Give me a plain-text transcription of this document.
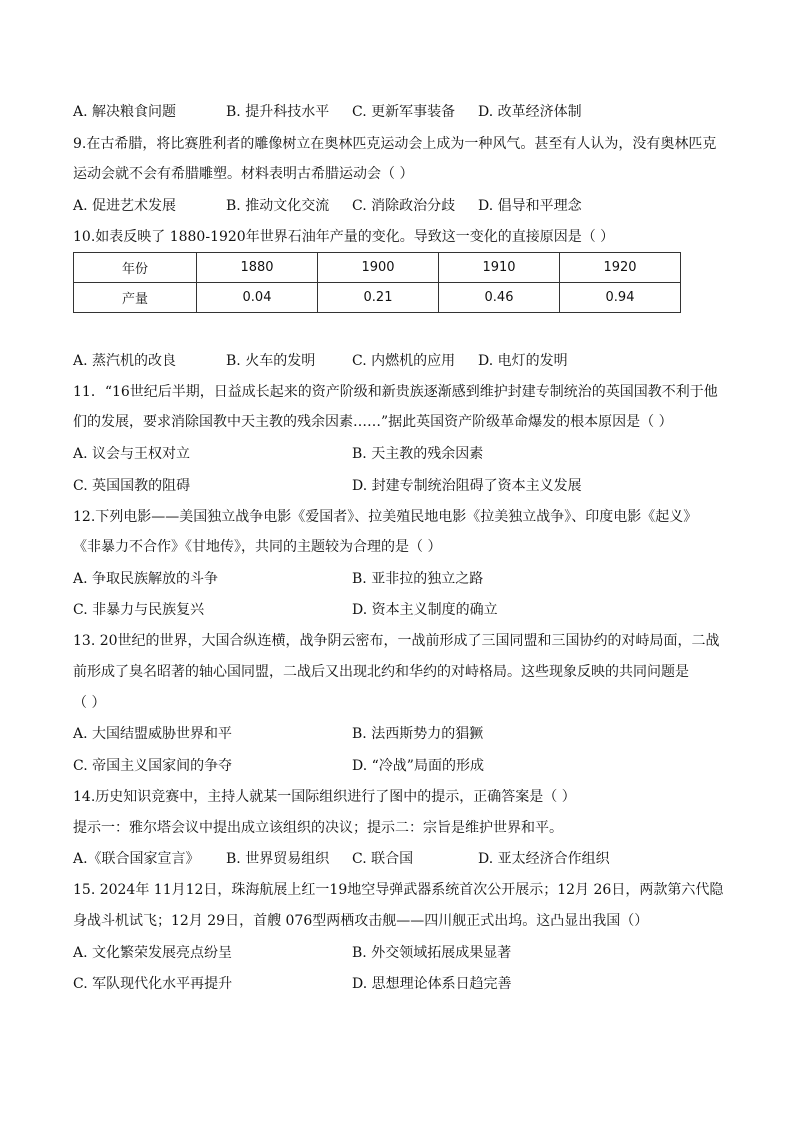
A. 解决粮食问题	B. 提升科技水平 C. 更新军事装备 D. 改革经济体制
9.在古希腊，将比赛胜利者的雕像树立在奥林匹克运动会上成为一种风气。甚至有人认为，没有奥林匹克
运动会就不会有希腊雕塑。材料表明古希腊运动会（ ）
A. 促进艺术发展	B. 推动文化交流 C. 消除政治分歧 D. 倡导和平理念
10.如表反映了 1880-1920年世界石油年产量的变化。导致这一变化的直接原因是（ ）
年份	1880	1900	1910	1920
产量	0.04	0.21	0.46	0.94
A. 蒸汽机的改良	B. 火车的发明	C. 内燃机的应用 D. 电灯的发明
11．“16世纪后半期，日益成长起来的资产阶级和新贵族逐渐感到维护封建专制统治的英国国教不利于他
们的发展，要求消除国教中天主教的残余因素……”据此英国资产阶级革命爆发的根本原因是（ ）
A. 议会与王权对立	B. 天主教的残余因素
C. 英国国教的阻碍	D. 封建专制统治阻碍了资本主义发展
12.下列电影——美国独立战争电影《爱国者》、拉美殖民地电影《拉美独立战争》、印度电影《起义》
《非暴力不合作》《甘地传》，共同的主题较为合理的是（ ）
A. 争取民族解放的斗争	B. 亚非拉的独立之路
C. 非暴力与民族复兴	D. 资本主义制度的确立
13. 20世纪的世界，大国合纵连横，战争阴云密布，一战前形成了三国同盟和三国协约的对峙局面，二战
前形成了臭名昭著的轴心国同盟，二战后又出现北约和华约的对峙格局。这些现象反映的共同问题是
（ ）
A. 大国结盟威胁世界和平	B. 法西斯势力的猖獗
C. 帝国主义国家间的争夺	D. “冷战”局面的形成
14.历史知识竞赛中，主持人就某一国际组织进行了图中的提示，正确答案是（ ）
提示一：雅尔塔会议中提出成立该组织的决议；提示二：宗旨是维护世界和平。
A.《联合国家宣言》 B. 世界贸易组织 C. 联合国	D. 亚太经济合作组织
15. 2024年 11月12日，珠海航展上红一19地空导弹武器系统首次公开展示；12月 26日，两款第六代隐
身战斗机试飞；12月 29日，首艘 076型两栖攻击舰——四川舰正式出坞。这凸显出我国（）
A. 文化繁荣发展亮点纷呈	B. 外交领域拓展成果显著
C. 军队现代化水平再提升	D. 思想理论体系日趋完善
